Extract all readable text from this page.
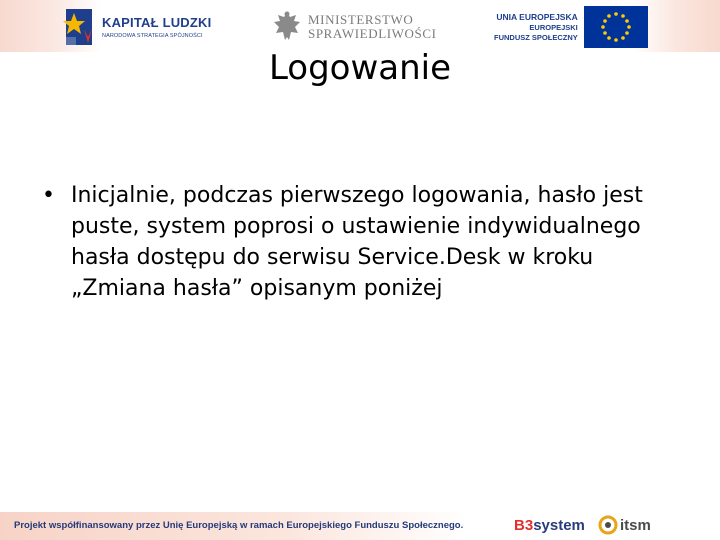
KAPITAŁ LUDZKI
NARODOWA STRATEGIA SPÓJNOŚCI
MINISTERSTWO
SPRAWIEDLIWOŚCI
UNIA EUROPEJSKA
EUROPEJSKI
FUNDUSZ SPOŁECZNY
Logowanie
• Inicjalnie, podczas pierwszego logowania, hasło jest puste, system poprosi o ustawienie indywidualnego hasła dostępu do serwisu Service.Desk w kroku „Zmiana hasła” opisanym poniżej
Projekt współfinansowany przez Unię Europejską w ramach Europejskiego Funduszu Społecznego.	B3system itsm
